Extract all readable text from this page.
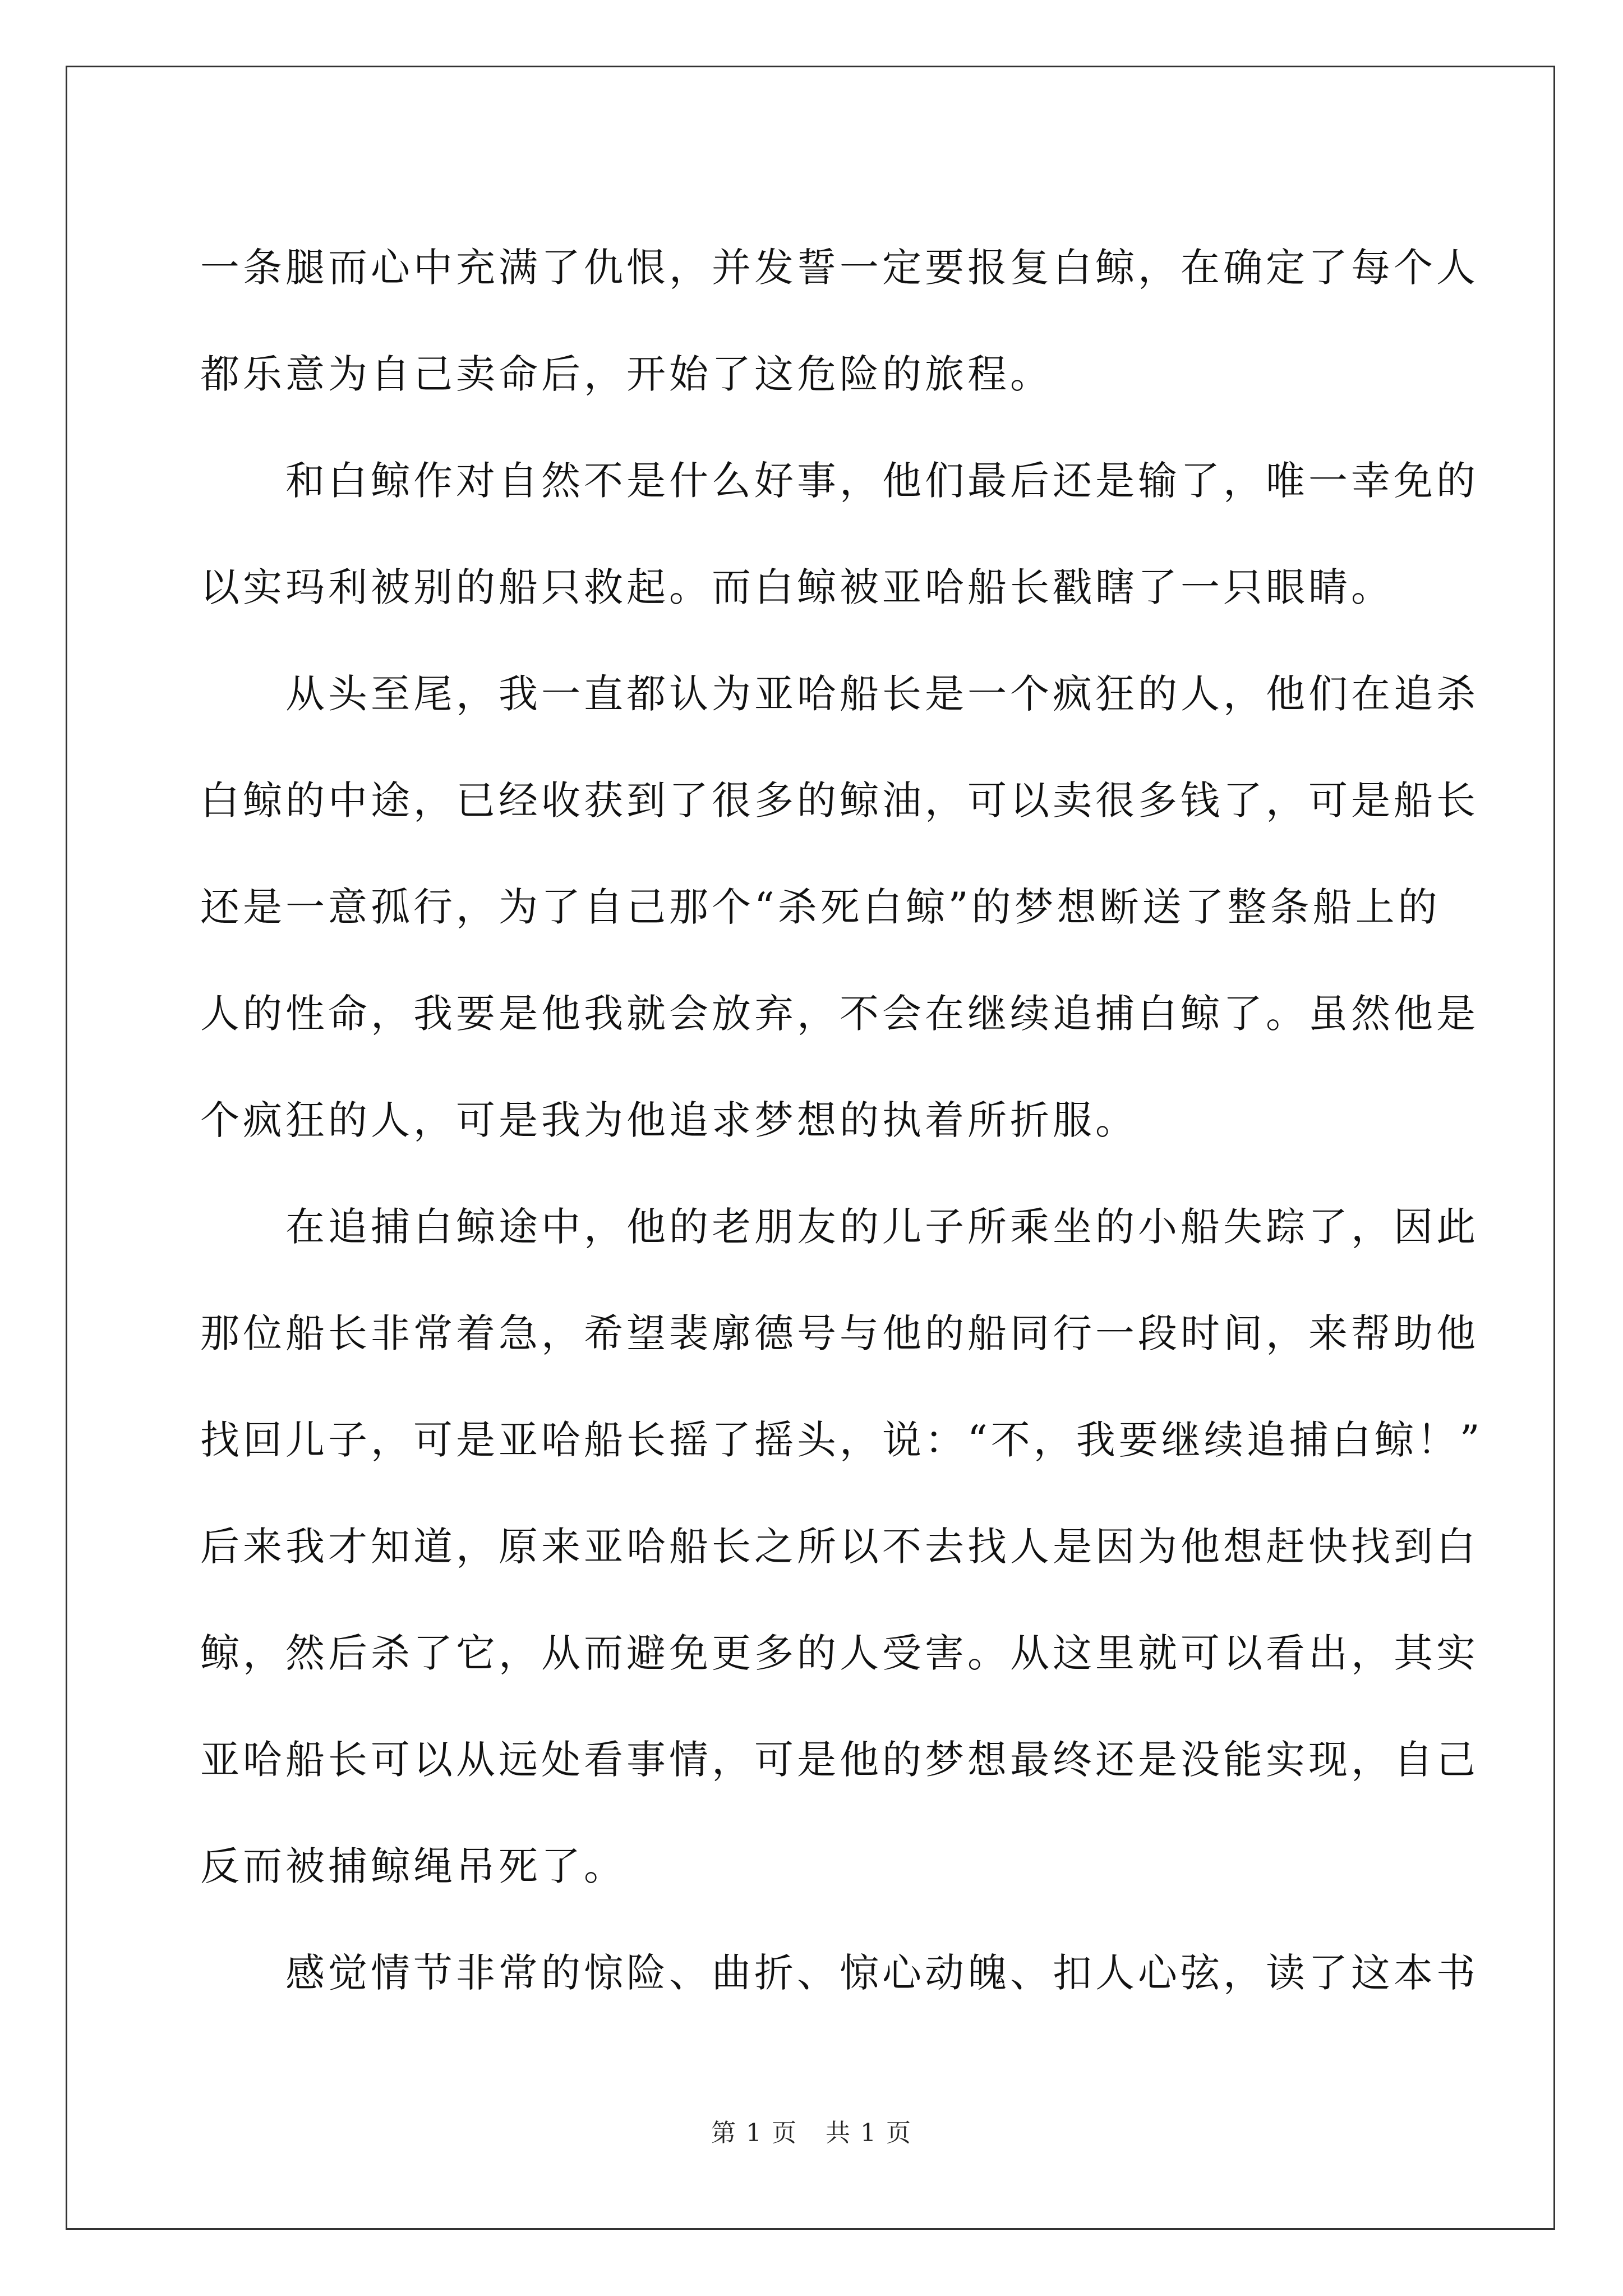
一条腿而心中充满了仇恨，并发誓一定要报复白鲸，在确定了每个人
都乐意为自己卖命后，开始了这危险的旅程。
　　和白鲸作对自然不是什么好事，他们最后还是输了，唯一幸免的
以实玛利被别的船只救起。而白鲸被亚哈船长戳瞎了一只眼睛。
　　从头至尾，我一直都认为亚哈船长是一个疯狂的人，他们在追杀
白鲸的中途，已经收获到了很多的鲸油，可以卖很多钱了，可是船长
还是一意孤行，为了自己那个“杀死白鲸”的梦想断送了整条船上的
人的性命，我要是他我就会放弃，不会在继续追捕白鲸了。虽然他是
个疯狂的人，可是我为他追求梦想的执着所折服。
　　在追捕白鲸途中，他的老朋友的儿子所乘坐的小船失踪了，因此
那位船长非常着急，希望裴廓德号与他的船同行一段时间，来帮助他
找回儿子，可是亚哈船长摇了摇头，说：“不，我要继续追捕白鲸！”
后来我才知道，原来亚哈船长之所以不去找人是因为他想赶快找到白
鲸，然后杀了它，从而避免更多的人受害。从这里就可以看出，其实
亚哈船长可以从远处看事情，可是他的梦想最终还是没能实现，自己
反而被捕鲸绳吊死了。
　　感觉情节非常的惊险、曲折、惊心动魄、扣人心弦，读了这本书
第 1 页 共 1 页
